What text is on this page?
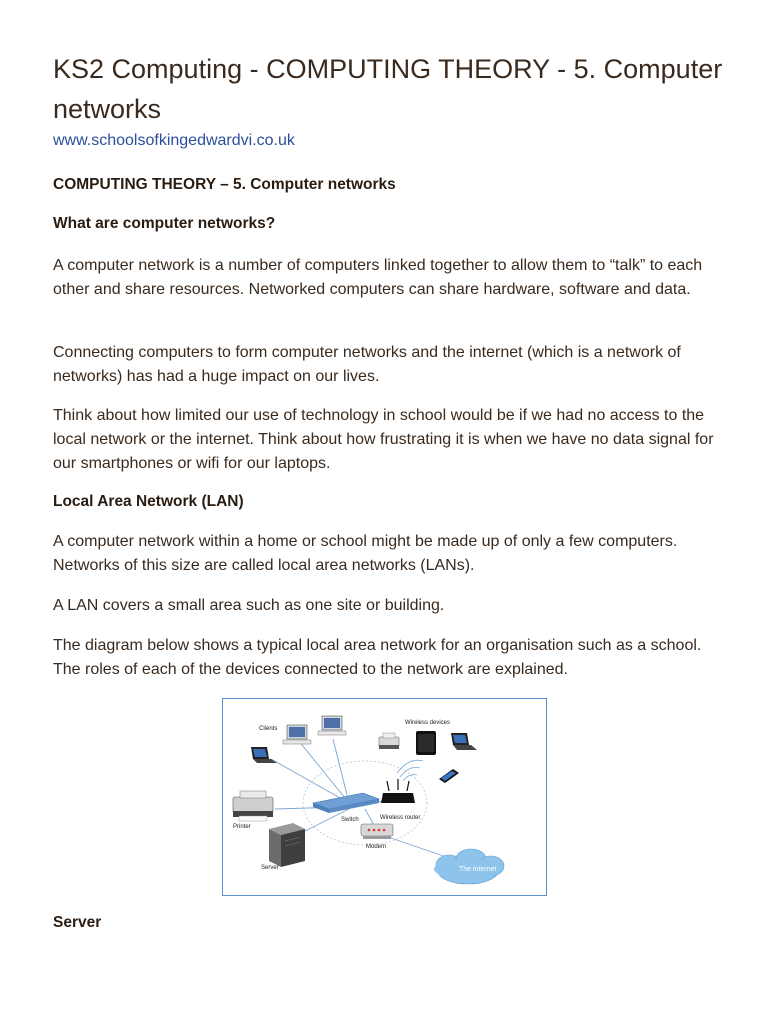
KS2 Computing - COMPUTING THEORY - 5. Computer networks
www.schoolsofkingedwardvi.co.uk
COMPUTING THEORY – 5. Computer networks
What are computer networks?

A computer network is a number of computers linked together to allow them to “talk” to each other and share resources. Networked computers can share hardware, software and data.

Connecting computers to form computer networks and the internet (which is a network of networks) has had a huge impact on our lives.

Think about how limited our use of technology in school would be if we had no access to the local network or the internet. Think about how frustrating it is when we have no data signal for our smartphones or wifi for our laptops.

Local Area Network (LAN)

A computer network within a home or school might be made up of only a few computers. Networks of this size are called local area networks (LANs).

A LAN covers a small area such as one site or building.

The diagram below shows a typical local area network for an organisation such as a school. The roles of each of the devices connected to the network are explained.

Clients
Wireless devices
Printer
Switch	Wireless router
Modem
Server	The internet
Server
